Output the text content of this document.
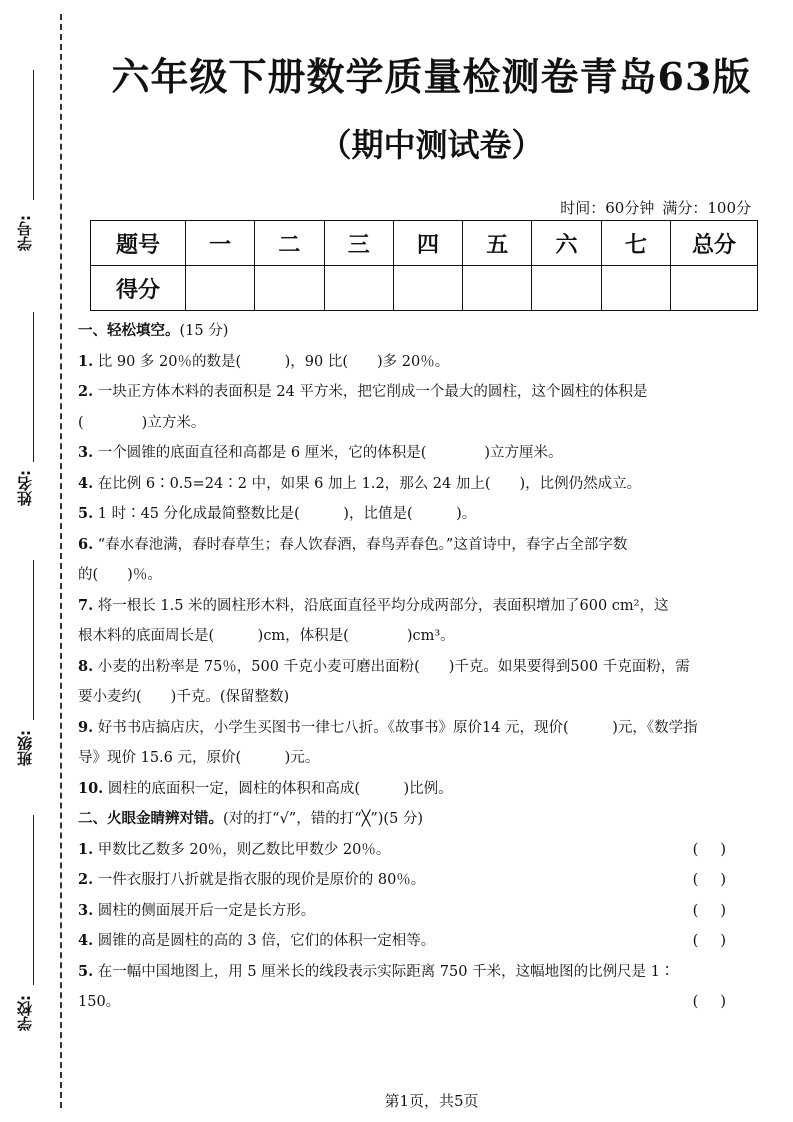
学号:
姓名:
班级:
学校:
六年级下册数学质量检测卷青岛63版
（期中测试卷）
时间：60分钟 满分：100分
题号	一	二	三	四	五	六	七	总分
得分								
一、轻松填空。(15 分)
1. 比 90 多 20％的数是(　　　)，90 比(　　)多 20％。
2. 一块正方体木料的表面积是 24 平方米，把它削成一个最大的圆柱，这个圆柱的体积是
(　　　　)立方米。
3. 一个圆锥的底面直径和高都是 6 厘米，它的体积是(　　　　)立方厘米。
4. 在比例 6∶0.5=24∶2 中，如果 6 加上 1.2，那么 24 加上(　　)，比例仍然成立。
5. 1 时∶45 分化成最简整数比是(　　　)，比值是(　　　)。
6. “春水春池满，春时春草生；春人饮春酒，春鸟弄春色。”这首诗中，春字占全部字数
的(　　)％。
7. 将一根长 1.5 米的圆柱形木料，沿底面直径平均分成两部分，表面积增加了600 cm²，这
根木料的底面周长是(　　　)cm，体积是(　　　　)cm³。
8. 小麦的出粉率是 75％，500 千克小麦可磨出面粉(　　)千克。如果要得到500 千克面粉，需
要小麦约(　　)千克。(保留整数)
9. 好书书店搞店庆，小学生买图书一律七八折。《故事书》原价14 元，现价(　　　)元，《数学指
导》现价 15.6 元，原价(　　　)元。
10. 圆柱的底面积一定，圆柱的体积和高成(　　　)比例。
二、火眼金睛辨对错。(对的打“√”，错的打“╳”)(5 分)
1. 甲数比乙数多 20％，则乙数比甲数少 20％。	()
2. 一件衣服打八折就是指衣服的现价是原价的 80％。	()
3. 圆柱的侧面展开后一定是长方形。	()
4. 圆锥的高是圆柱的高的 3 倍，它们的体积一定相等。	()
5. 在一幅中国地图上，用 5 厘米长的线段表示实际距离 750 千米，这幅地图的比例尺是 1∶
150。	()
第1页，共5页
